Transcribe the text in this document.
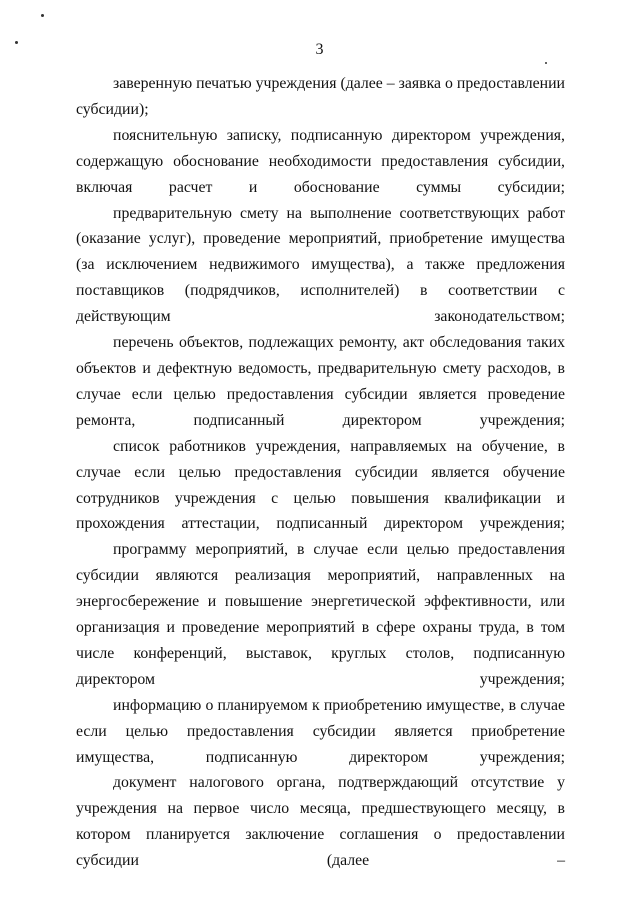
3

заверенную печатью учреждения (далее – заявка о предоставлении субсидии);

пояснительную записку, подписанную директором учреждения, содержащую обоснование необходимости предоставления субсидии, включая расчет и обоснование суммы субсидии;

предварительную смету на выполнение соответствующих работ (оказание услуг), проведение мероприятий, приобретение имущества (за исключением недвижимого имущества), а также предложения поставщиков (подрядчиков, исполнителей) в соответствии с действующим	законодательством;

перечень объектов, подлежащих ремонту, акт обследования таких объектов и дефектную ведомость, предварительную смету расходов, в случае если целью предоставления субсидии является проведение ремонта,	подписанный директором учреждения;

список работников учреждения, направляемых на обучение, в случае если целью предоставления субсидии является обучение сотрудников учреждения с целью повышения квалификации и прохождения аттестации, подписанный директором учреждения;

программу мероприятий, в случае если целью предоставления субсидии являются реализация мероприятий, направленных на энергосбережение и повышение энергетической эффективности, или организация и проведение мероприятий в сфере охраны труда, в том числе конференций, выставок, круглых столов, подписанную директором	учреждения;

информацию о планируемом к приобретению имуществе, в случае если целью предоставления субсидии является приобретение имущества,	подписанную директором учреждения;

документ налогового органа, подтверждающий отсутствие у учреждения на первое число месяца, предшествующего месяцу, в котором планируется заключение соглашения о предоставлении субсидии (далее –
